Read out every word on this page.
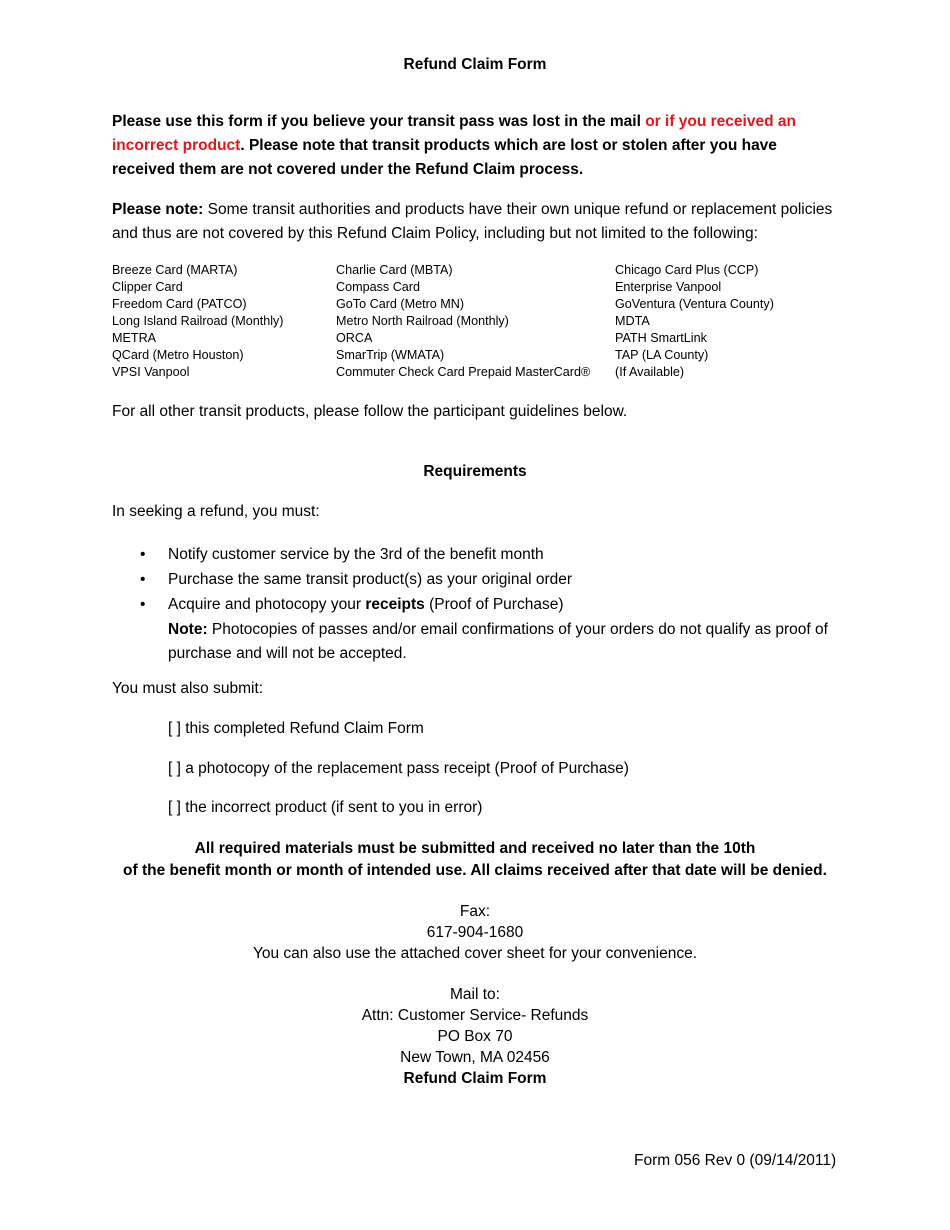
Refund Claim Form
Please use this form if you believe your transit pass was lost in the mail or if you received an incorrect product. Please note that transit products which are lost or stolen after you have received them are not covered under the Refund Claim process.
Please note: Some transit authorities and products have their own unique refund or replacement policies and thus are not covered by this Refund Claim Policy, including but not limited to the following:
Breeze Card (MARTA)
Clipper Card
Freedom Card (PATCO)
Long Island Railroad (Monthly)
METRA
QCard (Metro Houston)
VPSI Vanpool
Charlie Card (MBTA)
Compass Card
GoTo Card (Metro MN)
Metro North Railroad (Monthly)
ORCA
SmarTrip (WMATA)
Commuter Check Card Prepaid MasterCard®
Chicago Card Plus (CCP)
Enterprise Vanpool
GoVentura (Ventura County)
MDTA
PATH SmartLink
TAP (LA County)
(If Available)
For all other transit products, please follow the participant guidelines below.
Requirements
In seeking a refund, you must:
• Notify customer service by the 3rd of the benefit month
• Purchase the same transit product(s) as your original order
• Acquire and photocopy your receipts (Proof of Purchase)
Note: Photocopies of passes and/or email confirmations of your orders do not qualify as proof of purchase and will not be accepted.
You must also submit:
[ ] this completed Refund Claim Form
[ ] a photocopy of the replacement pass receipt (Proof of Purchase)
[ ] the incorrect product (if sent to you in error)
All required materials must be submitted and received no later than the 10th
of the benefit month or month of intended use. All claims received after that date will be denied.
Fax:
617-904-1680
You can also use the attached cover sheet for your convenience.
Mail to:
Attn: Customer Service- Refunds
PO Box 70
New Town, MA 02456
Refund Claim Form
Form 056 Rev 0 (09/14/2011)
